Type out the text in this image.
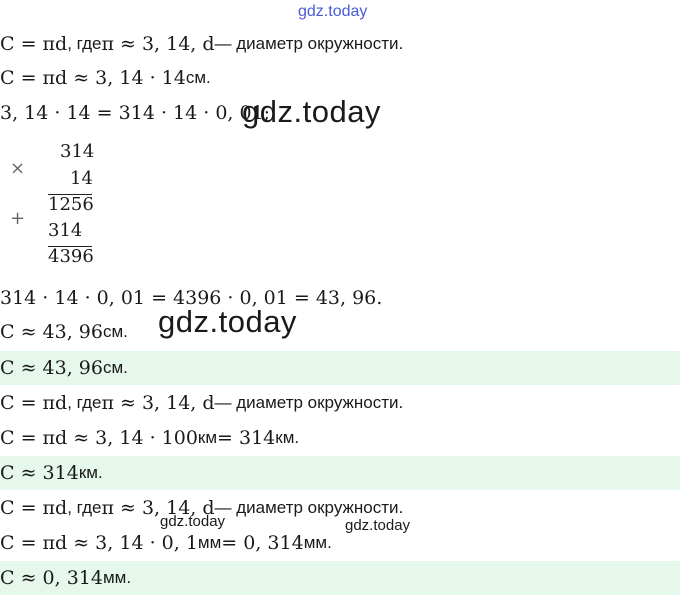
gdz.today
C = πd , где π ≈ 3, 14, d — диаметр окружности.
C = πd ≈ 3, 14 · 14 см.
3, 14 · 14 = 314 · 14 · 0, 01;
gdz.today
×
+
314
14
1256
314
4396
314 · 14 · 0, 01 = 4396 · 0, 01 = 43, 96.
C ≈ 43, 96 см. gdz.today
C ≈ 43, 96 см.
C = πd , где π ≈ 3, 14, d — диаметр окружности.
C = πd ≈ 3, 14 · 100 км = 314 км.
C ≈ 314 км.
C = πd , где π ≈ 3, 14, d — диаметр окружности.
gdz.today	gdz.today
C = πd ≈ 3, 14 · 0, 1 мм = 0, 314 мм.
C ≈ 0, 314 мм.
